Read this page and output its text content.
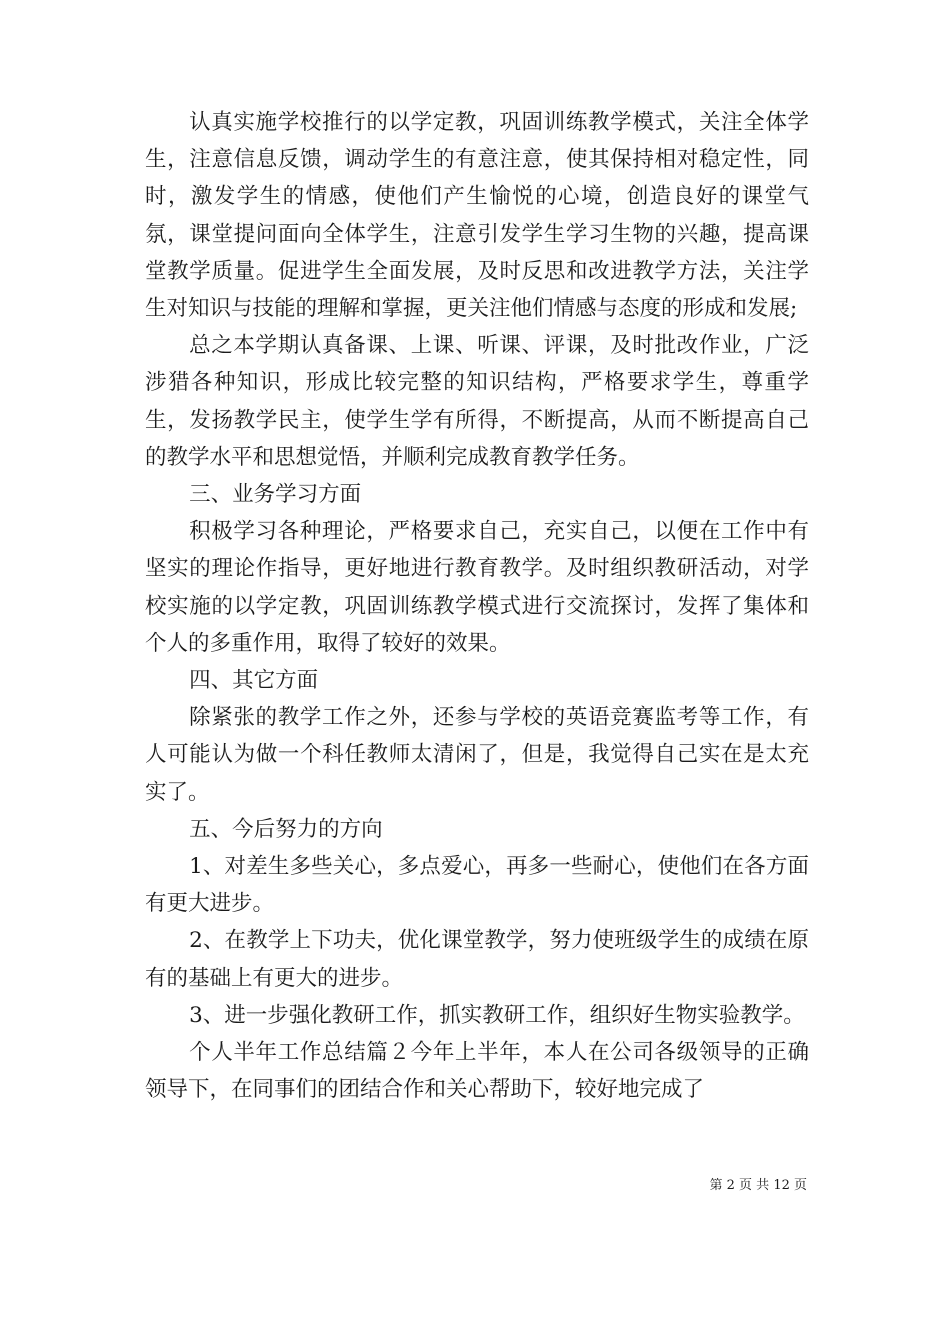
认真实施学校推行的以学定教，巩固训练教学模式，关注全体学生，注意信息反馈，调动学生的有意注意，使其保持相对稳定性，同时，激发学生的情感，使他们产生愉悦的心境，创造良好的课堂气氛，课堂提问面向全体学生，注意引发学生学习生物的兴趣，提高课堂教学质量。促进学生全面发展，及时反思和改进教学方法，关注学生对知识与技能的理解和掌握，更关注他们情感与态度的形成和发展;

总之本学期认真备课、上课、听课、评课，及时批改作业，广泛涉猎各种知识，形成比较完整的知识结构，严格要求学生，尊重学生，发扬教学民主，使学生学有所得，不断提高，从而不断提高自己的教学水平和思想觉悟，并顺利完成教育教学任务。

三、业务学习方面

积极学习各种理论，严格要求自己，充实自己，以便在工作中有坚实的理论作指导，更好地进行教育教学。及时组织教研活动，对学校实施的以学定教，巩固训练教学模式进行交流探讨，发挥了集体和个人的多重作用，取得了较好的效果。

四、其它方面

除紧张的教学工作之外，还参与学校的英语竞赛监考等工作，有人可能认为做一个科任教师太清闲了，但是，我觉得自己实在是太充实了。

五、今后努力的方向

1、对差生多些关心，多点爱心，再多一些耐心，使他们在各方面有更大进步。

2、在教学上下功夫，优化课堂教学，努力使班级学生的成绩在原有的基础上有更大的进步。

3、进一步强化教研工作，抓实教研工作，组织好生物实验教学。

个人半年工作总结篇２今年上半年，本人在公司各级领导的正确领导下，在同事们的团结合作和关心帮助下，较好地完成了

第 2 页 共 12 页
